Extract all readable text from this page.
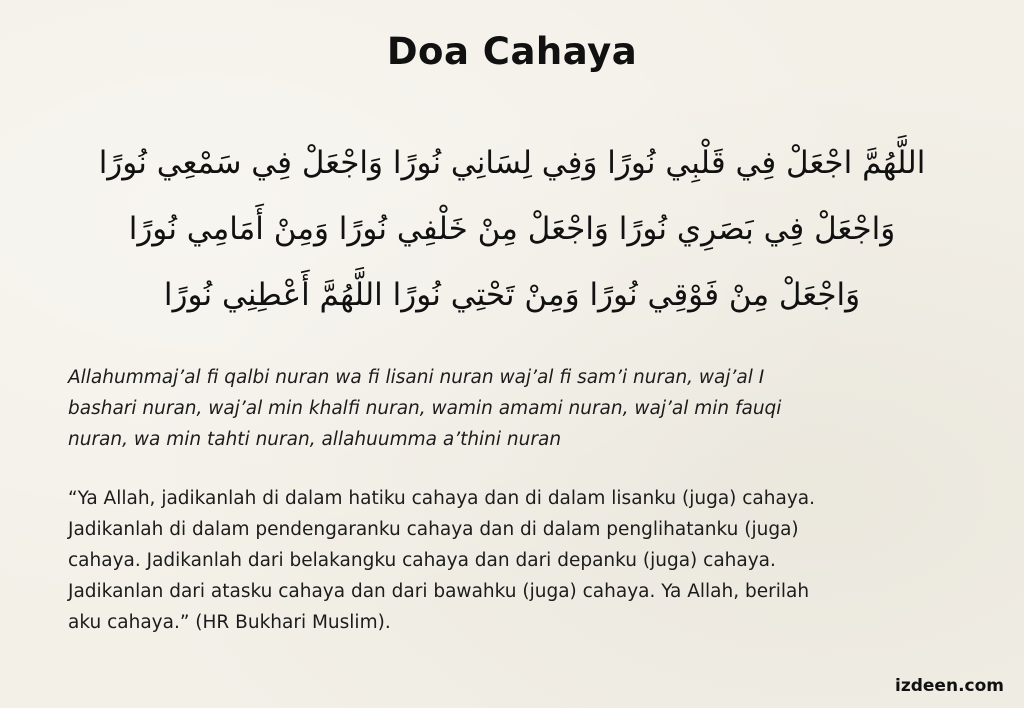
Doa Cahaya
اللَّهُمَّ اجْعَلْ فِي قَلْبِي نُورًا وَفِي لِسَانِي نُورًا وَاجْعَلْ فِي سَمْعِي نُورًا
وَاجْعَلْ فِي بَصَرِي نُورًا وَاجْعَلْ مِنْ خَلْفِي نُورًا وَمِنْ أَمَامِي نُورًا
وَاجْعَلْ مِنْ فَوْقِي نُورًا وَمِنْ تَحْتِي نُورًا اللَّهُمَّ أَعْطِنِي نُورًا
Allahummaj’al fi qalbi nuran wa fi lisani nuran waj’al fi sam’i nuran, waj’al I
bashari nuran, waj’al min khalfi nuran, wamin amami nuran, waj’al min fauqi
nuran, wa min tahti nuran, allahuumma a’thini nuran
“Ya Allah, jadikanlah di dalam hatiku cahaya dan di dalam lisanku (juga) cahaya.
Jadikanlah di dalam pendengaranku cahaya dan di dalam penglihatanku (juga)
cahaya. Jadikanlah dari belakangku cahaya dan dari depanku (juga) cahaya.
Jadikanlan dari atasku cahaya dan dari bawahku (juga) cahaya. Ya Allah, berilah
aku cahaya.” (HR Bukhari Muslim).
izdeen.com
